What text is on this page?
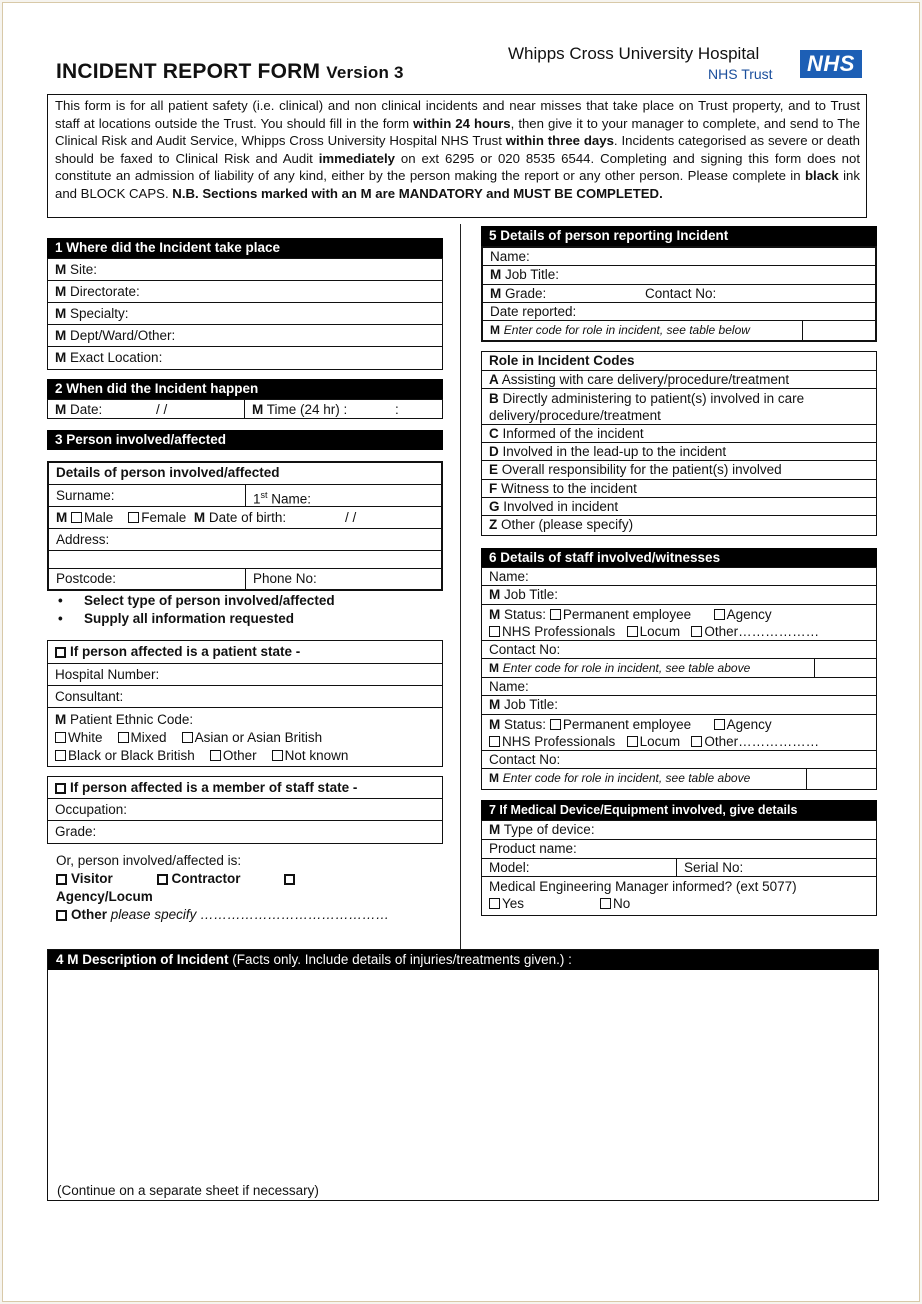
INCIDENT REPORT FORM Version 3
Whipps Cross University Hospital
NHS Trust	NHS
This form is for all patient safety (i.e. clinical) and non clinical incidents and near misses that take place on Trust property, and to Trust staff at locations outside the Trust. You should fill in the form within 24 hours, then give it to your manager to complete, and send to The Clinical Risk and Audit Service, Whipps Cross University Hospital NHS Trust within three days. Incidents categorised as severe or death should be faxed to Clinical Risk and Audit immediately on ext 6295 or 020 8535 6544. Completing and signing this form does not constitute an admission of liability of any kind, either by the person making the report or any other person. Please complete in black ink and BLOCK CAPS. N.B. Sections marked with an M are MANDATORY and MUST BE COMPLETED.
1 Where did the Incident take place
M Site:
M Directorate:
M Specialty:
M Dept/Ward/Other:
M Exact Location:
2 When did the Incident happen
M Date:	/ /	M Time (24 hr) :	:
3 Person involved/affected
Details of person involved/affected
Surname:	1st Name:
M Male Female M Date of birth:	/ /
Address:
Postcode:	Phone No:
• Select type of person involved/affected
• Supply all information requested
If person affected is a patient state -
Hospital Number:
Consultant:
M Patient Ethnic Code:
White Mixed Asian or Asian British
Black or Black British Other Not known
If person affected is a member of staff state -
Occupation:
Grade:
Or, person involved/affected is:
Visitor	Contractor
Agency/Locum
Other please specify ……………………………………
5 Details of person reporting Incident
Name:
M Job Title:
M Grade:	Contact No:
Date reported:
M Enter code for role in incident, see table below
Role in Incident Codes
A Assisting with care delivery/procedure/treatment
B Directly administering to patient(s) involved in care
delivery/procedure/treatment
C Informed of the incident
D Involved in the lead-up to the incident
E Overall responsibility for the patient(s) involved
F Witness to the incident
G Involved in incident
Z Other (please specify)
6 Details of staff involved/witnesses
Name:
M Job Title:
M Status: Permanent employee	Agency
NHS Professionals Locum Other………………
Contact No:
M Enter code for role in incident, see table above
Name:
M Job Title:
M Status: Permanent employee	Agency
NHS Professionals Locum Other………………
Contact No:
M Enter code for role in incident, see table above
7 If Medical Device/Equipment involved, give details
M Type of device:
Product name:
Model:	Serial No:
Medical Engineering Manager informed? (ext 5077)
Yes	No
4 M Description of Incident (Facts only. Include details of injuries/treatments given.) :
(Continue on a separate sheet if necessary)
